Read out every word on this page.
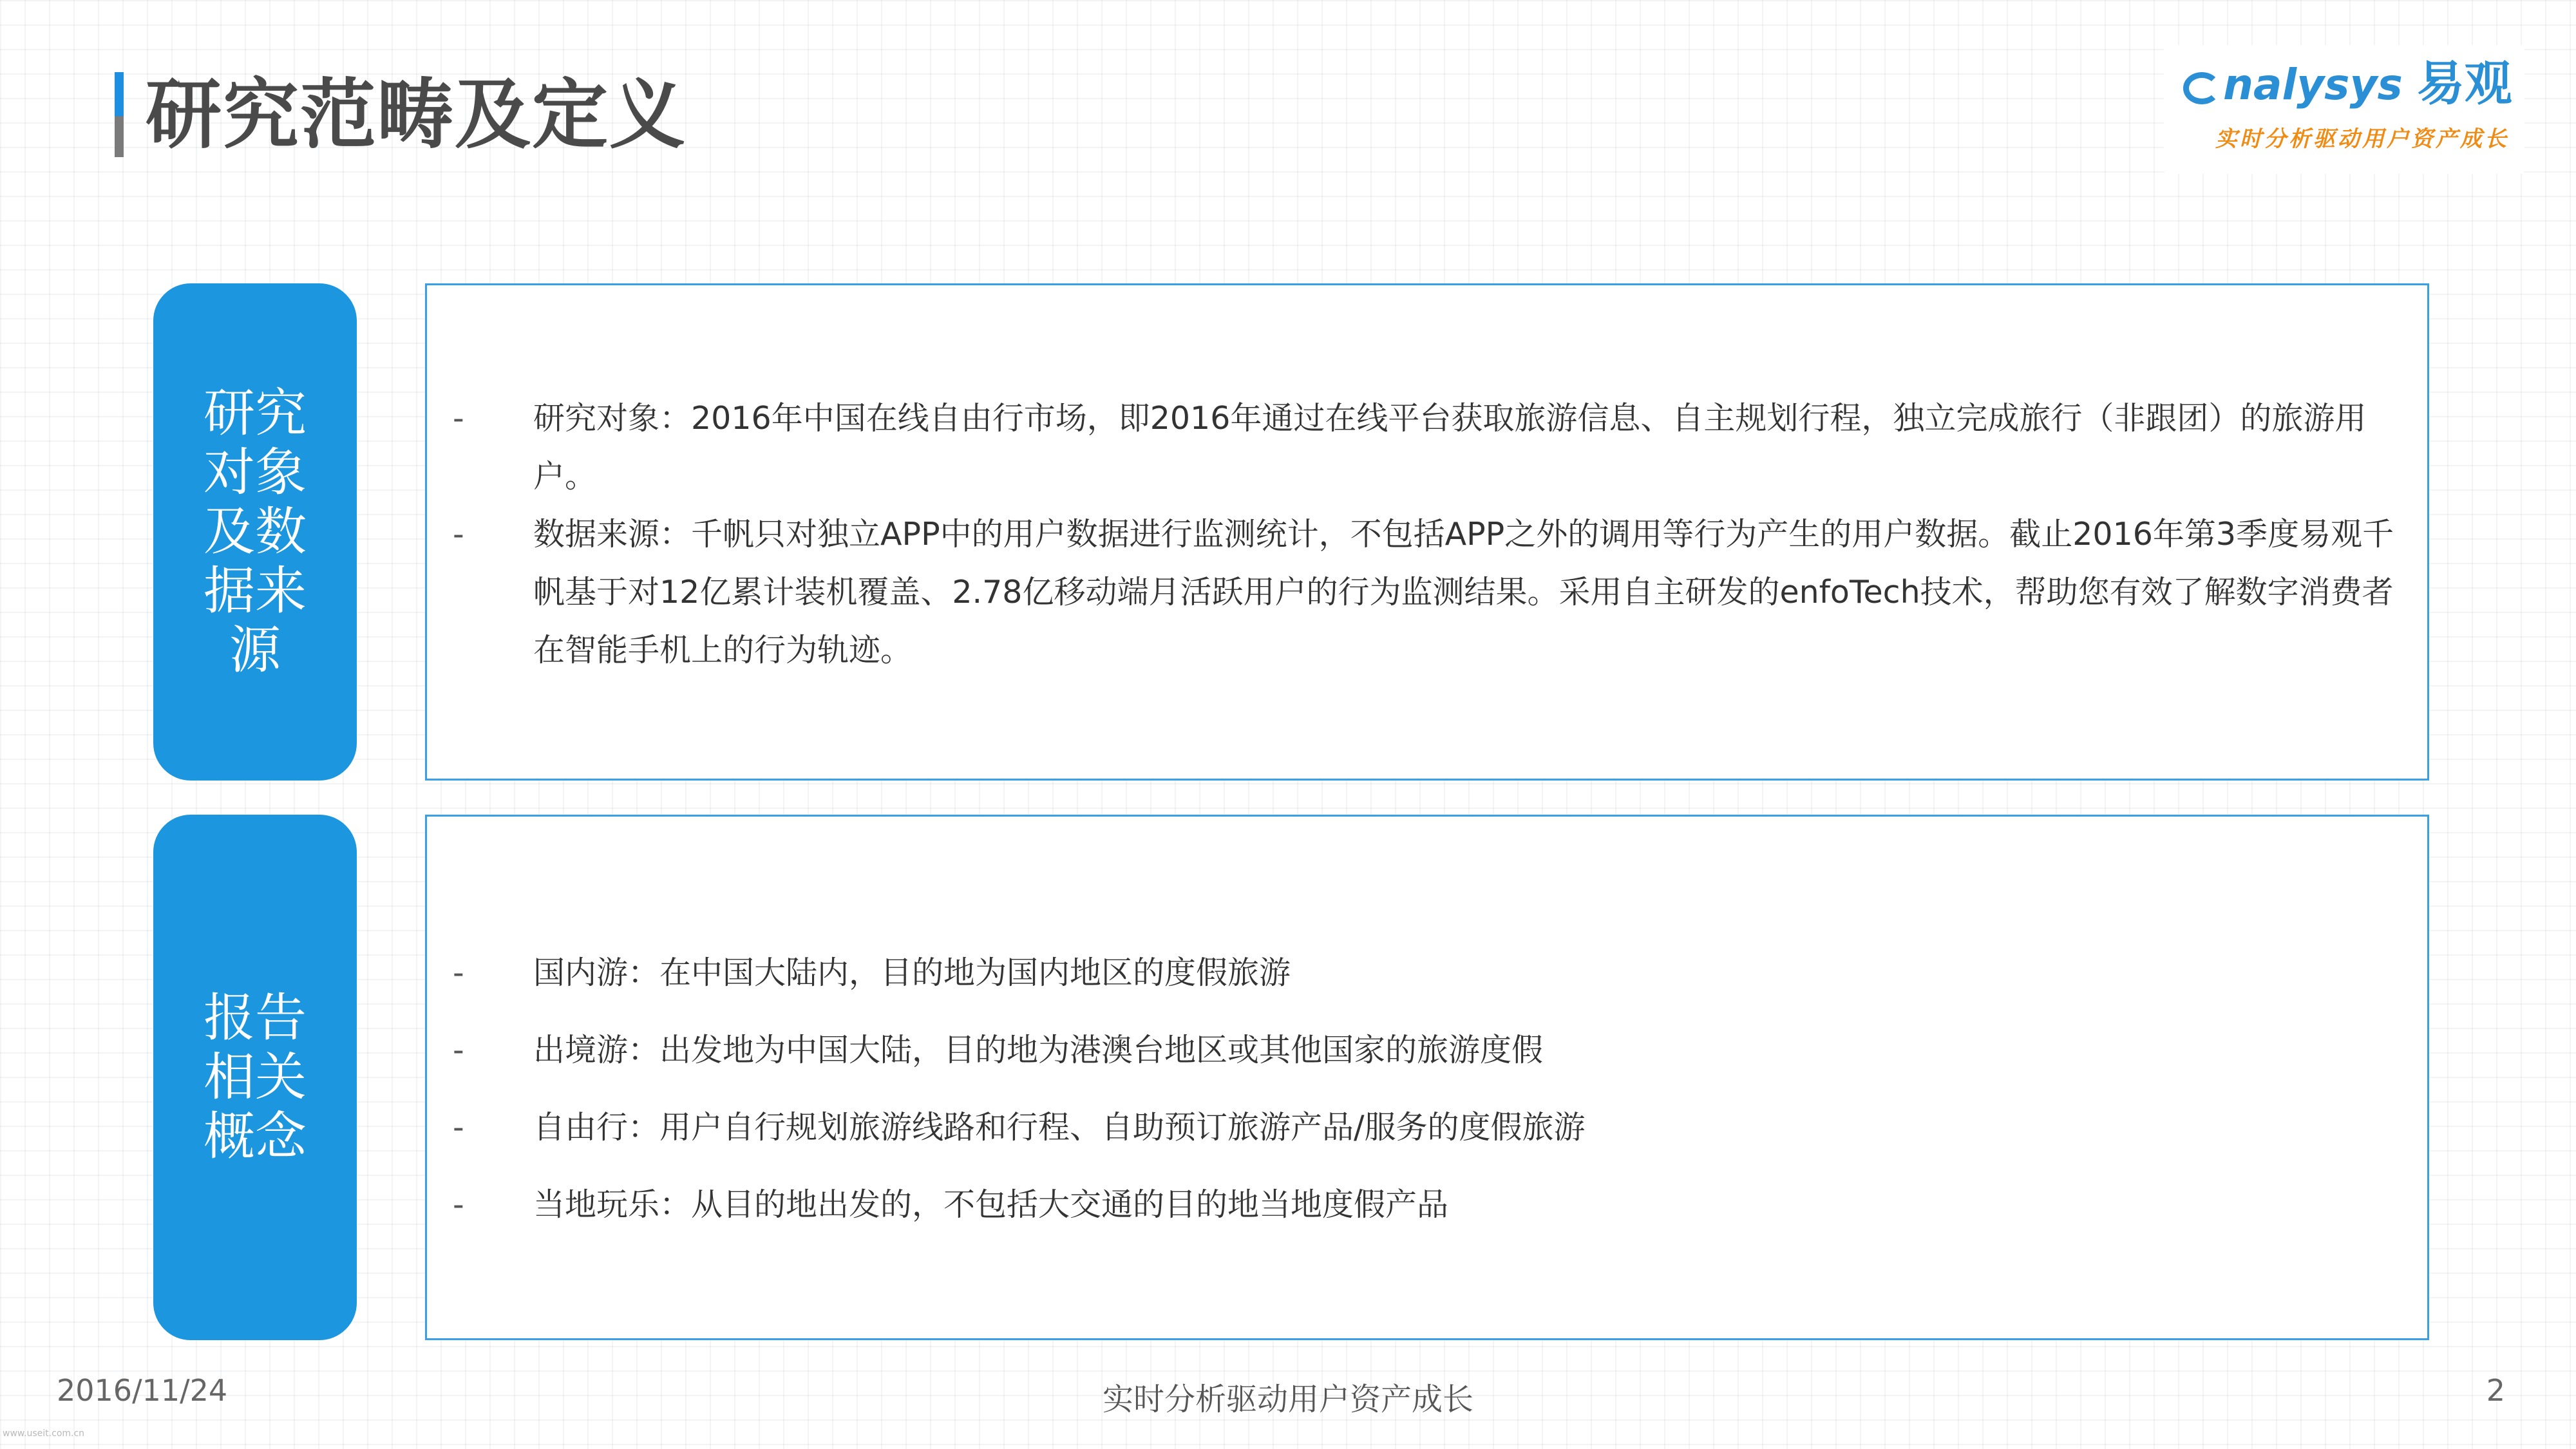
研究范畴及定义	nalysys 易观
实时分析驱动用户资产成长
研究对象及数据来源
-	研究对象：2016年中国在线自由行市场，即2016年通过在线平台获取旅游信息、自主规划行程，独立完成旅行（非跟团）的旅游用户。
-	数据来源：千帆只对独立APP中的用户数据进行监测统计，不包括APP之外的调用等行为产生的用户数据。截止2016年第3季度易观千帆基于对12亿累计装机覆盖、2.78亿移动端月活跃用户的行为监测结果。采用自主研发的enfoTech技术，帮助您有效了解数字消费者在智能手机上的行为轨迹。
报告相关概念
-	国内游：在中国大陆内，目的地为国内地区的度假旅游
-	出境游：出发地为中国大陆，目的地为港澳台地区或其他国家的旅游度假
-	自由行：用户自行规划旅游线路和行程、自助预订旅游产品/服务的度假旅游
-	当地玩乐：从目的地出发的，不包括大交通的目的地当地度假产品
2016/11/24	实时分析驱动用户资产成长	2
www.useit.com.cn
